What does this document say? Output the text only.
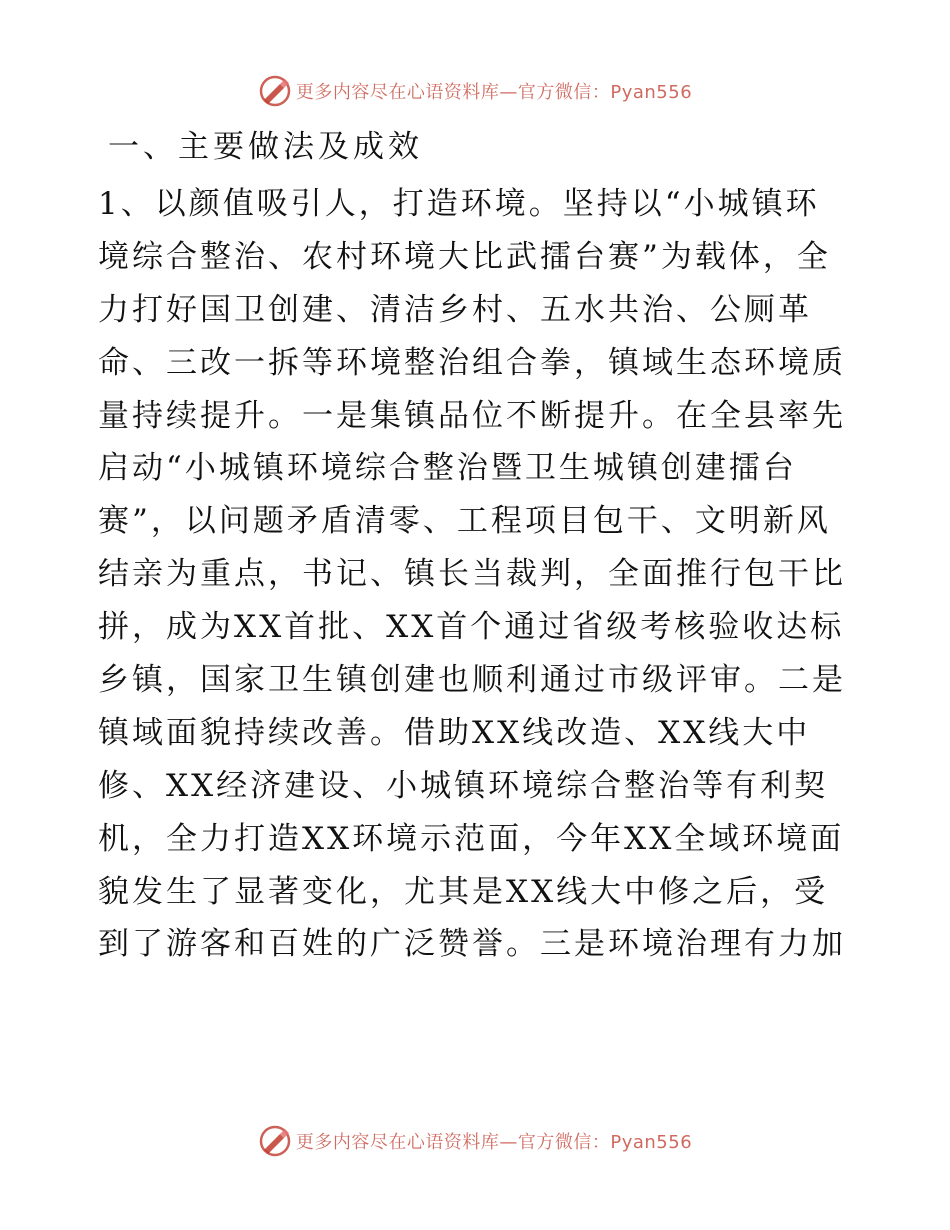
更多内容尽在心语资料库—官方微信：Pyan556
一、主要做法及成效
1、以颜值吸引人，打造环境。坚持以“小城镇环
境综合整治、农村环境大比武擂台赛”为载体，全
力打好国卫创建、清洁乡村、五水共治、公厕革
命、三改一拆等环境整治组合拳，镇域生态环境质
量持续提升。一是集镇品位不断提升。在全县率先
启动“小城镇环境综合整治暨卫生城镇创建擂台
赛”，以问题矛盾清零、工程项目包干、文明新风
结亲为重点，书记、镇长当裁判，全面推行包干比
拼，成为XX首批、XX首个通过省级考核验收达标
乡镇，国家卫生镇创建也顺利通过市级评审。二是
镇域面貌持续改善。借助XX线改造、XX线大中
修、XX经济建设、小城镇环境综合整治等有利契
机，全力打造XX环境示范面，今年XX全域环境面
貌发生了显著变化，尤其是XX线大中修之后，受
到了游客和百姓的广泛赞誉。三是环境治理有力加
更多内容尽在心语资料库—官方微信：Pyan556
